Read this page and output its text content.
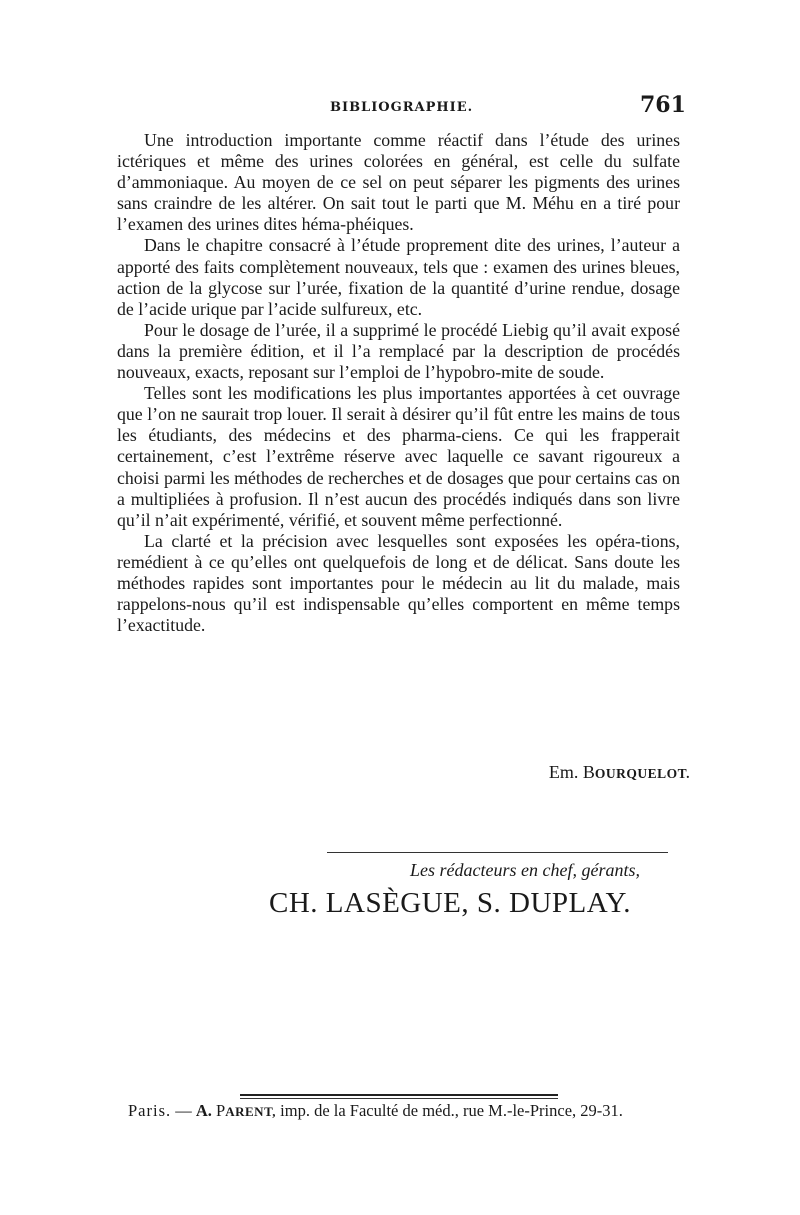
BIBLIOGRAPHIE.	761

Une introduction importante comme réactif dans l’étude des urines ictériques et même des urines colorées en général, est celle du sulfate d’ammoniaque. Au moyen de ce sel on peut séparer les pigments des urines sans craindre de les altérer. On sait tout le parti que M. Méhu en a tiré pour l’examen des urines dites héma-phéiques.

Dans le chapitre consacré à l’étude proprement dite des urines, l’auteur a apporté des faits complètement nouveaux, tels que : examen des urines bleues, action de la glycose sur l’urée, fixation de la quantité d’urine rendue, dosage de l’acide urique par l’acide sulfureux, etc.

Pour le dosage de l’urée, il a supprimé le procédé Liebig qu’il avait exposé dans la première édition, et il l’a remplacé par la description de procédés nouveaux, exacts, reposant sur l’emploi de l’hypobro-mite de soude.

Telles sont les modifications les plus importantes apportées à cet ouvrage que l’on ne saurait trop louer. Il serait à désirer qu’il fût entre les mains de tous les étudiants, des médecins et des pharma-ciens. Ce qui les frapperait certainement, c’est l’extrême réserve avec laquelle ce savant rigoureux a choisi parmi les méthodes de recherches et de dosages que pour certains cas on a multipliées à profusion. Il n’est aucun des procédés indiqués dans son livre qu’il n’ait expérimenté, vérifié, et souvent même perfectionné.

La clarté et la précision avec lesquelles sont exposées les opéra-tions, remédient à ce qu’elles ont quelquefois de long et de délicat. Sans doute les méthodes rapides sont importantes pour le médecin au lit du malade, mais rappelons-nous qu’il est indispensable qu’elles comportent en même temps l’exactitude.

Em. BOURQUELOT.
Les rédacteurs en chef, gérants,
CH. LASÈGUE, S. DUPLAY.
Paris. — A. PARENT, imp. de la Faculté de méd., rue M.-le-Prince, 29-31.
